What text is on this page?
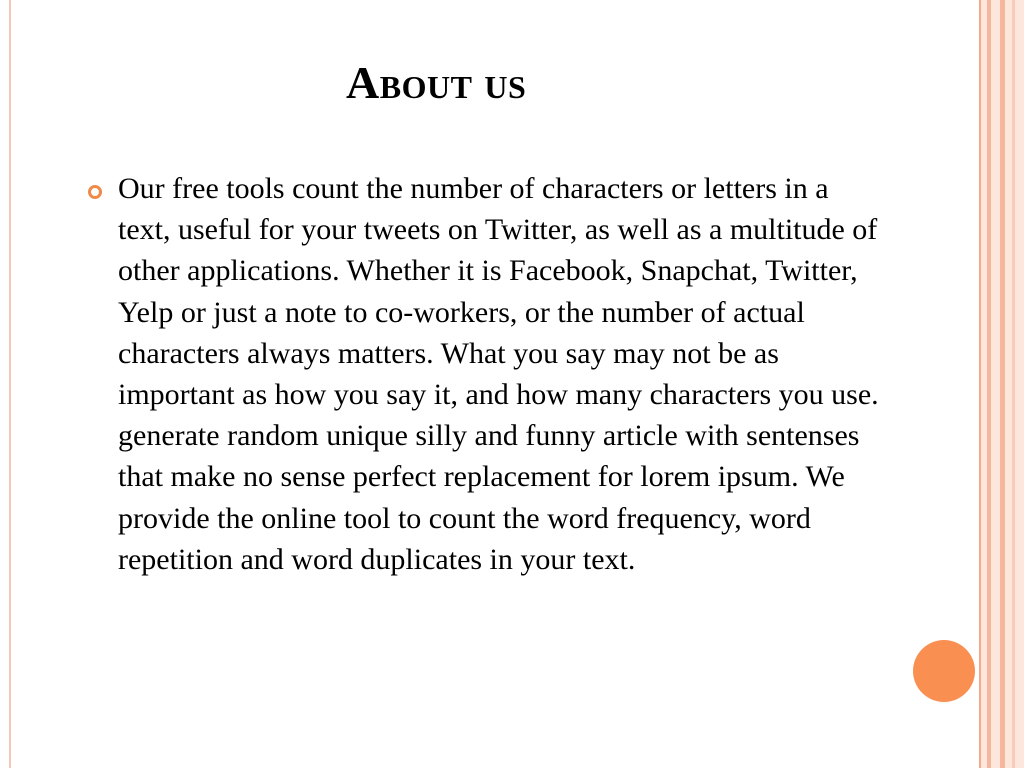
About us

Our free tools count the number of characters or letters in a text, useful for your tweets on Twitter, as well as a multitude of other applications. Whether it is Facebook, Snapchat, Twitter, Yelp or just a note to co-workers, or the number of actual characters always matters. What you say may not be as important as how you say it, and how many characters you use. generate random unique silly and funny article with sentenses that make no sense perfect replacement for lorem ipsum. We provide the online tool to count the word frequency, word repetition and word duplicates in your text.
